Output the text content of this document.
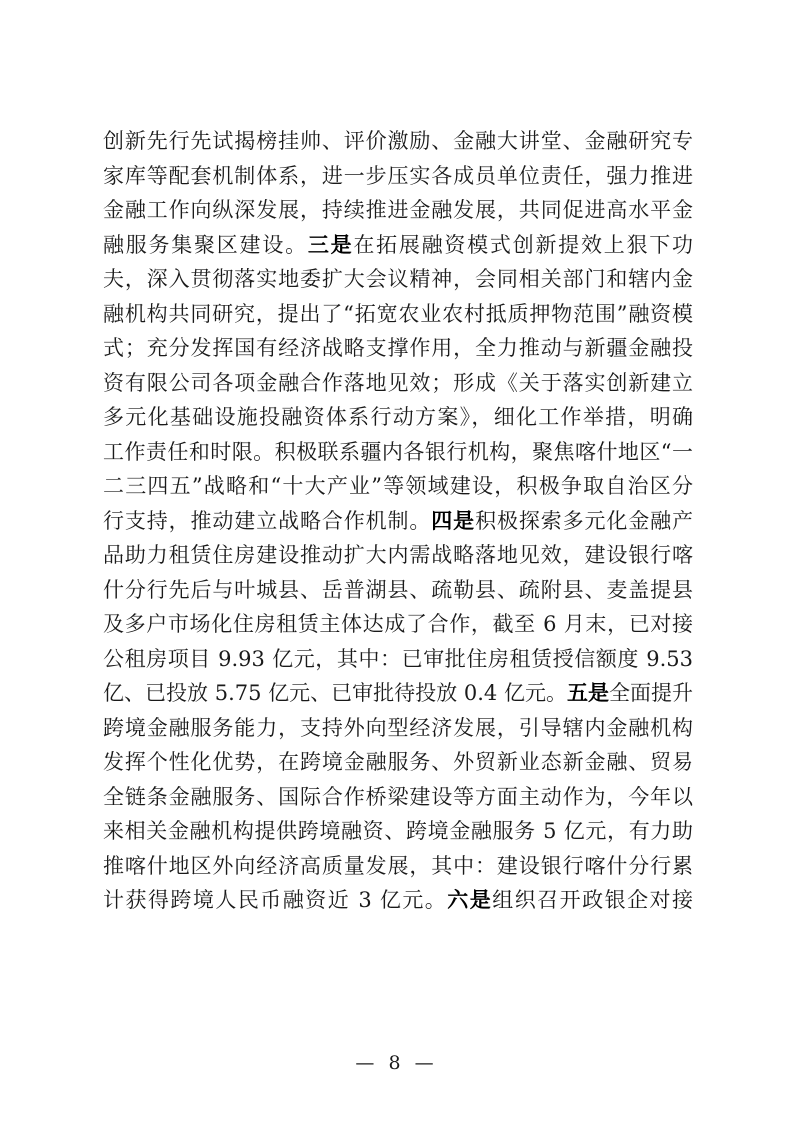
创新先行先试揭榜挂帅、评价激励、金融大讲堂、金融研究专
家库等配套机制体系，进一步压实各成员单位责任，强力推进
金融工作向纵深发展，持续推进金融发展，共同促进高水平金
融服务集聚区建设。三是在拓展融资模式创新提效上狠下功
夫，深入贯彻落实地委扩大会议精神，会同相关部门和辖内金
融机构共同研究，提出了“拓宽农业农村抵质押物范围”融资模
式；充分发挥国有经济战略支撑作用，全力推动与新疆金融投
资有限公司各项金融合作落地见效；形成《关于落实创新建立
多元化基础设施投融资体系行动方案》，细化工作举措，明确
工作责任和时限。积极联系疆内各银行机构，聚焦喀什地区“一
二三四五”战略和“十大产业”等领域建设，积极争取自治区分
行支持，推动建立战略合作机制。四是积极探索多元化金融产
品助力租赁住房建设推动扩大内需战略落地见效，建设银行喀
什分行先后与叶城县、岳普湖县、疏勒县、疏附县、麦盖提县
及多户市场化住房租赁主体达成了合作，截至 6 月末，已对接
公租房项目 9.93 亿元，其中：已审批住房租赁授信额度 9.53
亿、已投放 5.75 亿元、已审批待投放 0.4 亿元。五是全面提升
跨境金融服务能力，支持外向型经济发展，引导辖内金融机构
发挥个性化优势，在跨境金融服务、外贸新业态新金融、贸易
全链条金融服务、国际合作桥梁建设等方面主动作为，今年以
来相关金融机构提供跨境融资、跨境金融服务 5 亿元，有力助
推喀什地区外向经济高质量发展，其中：建设银行喀什分行累
计获得跨境人民币融资近 3 亿元。六是组织召开政银企对接
— 8 —
